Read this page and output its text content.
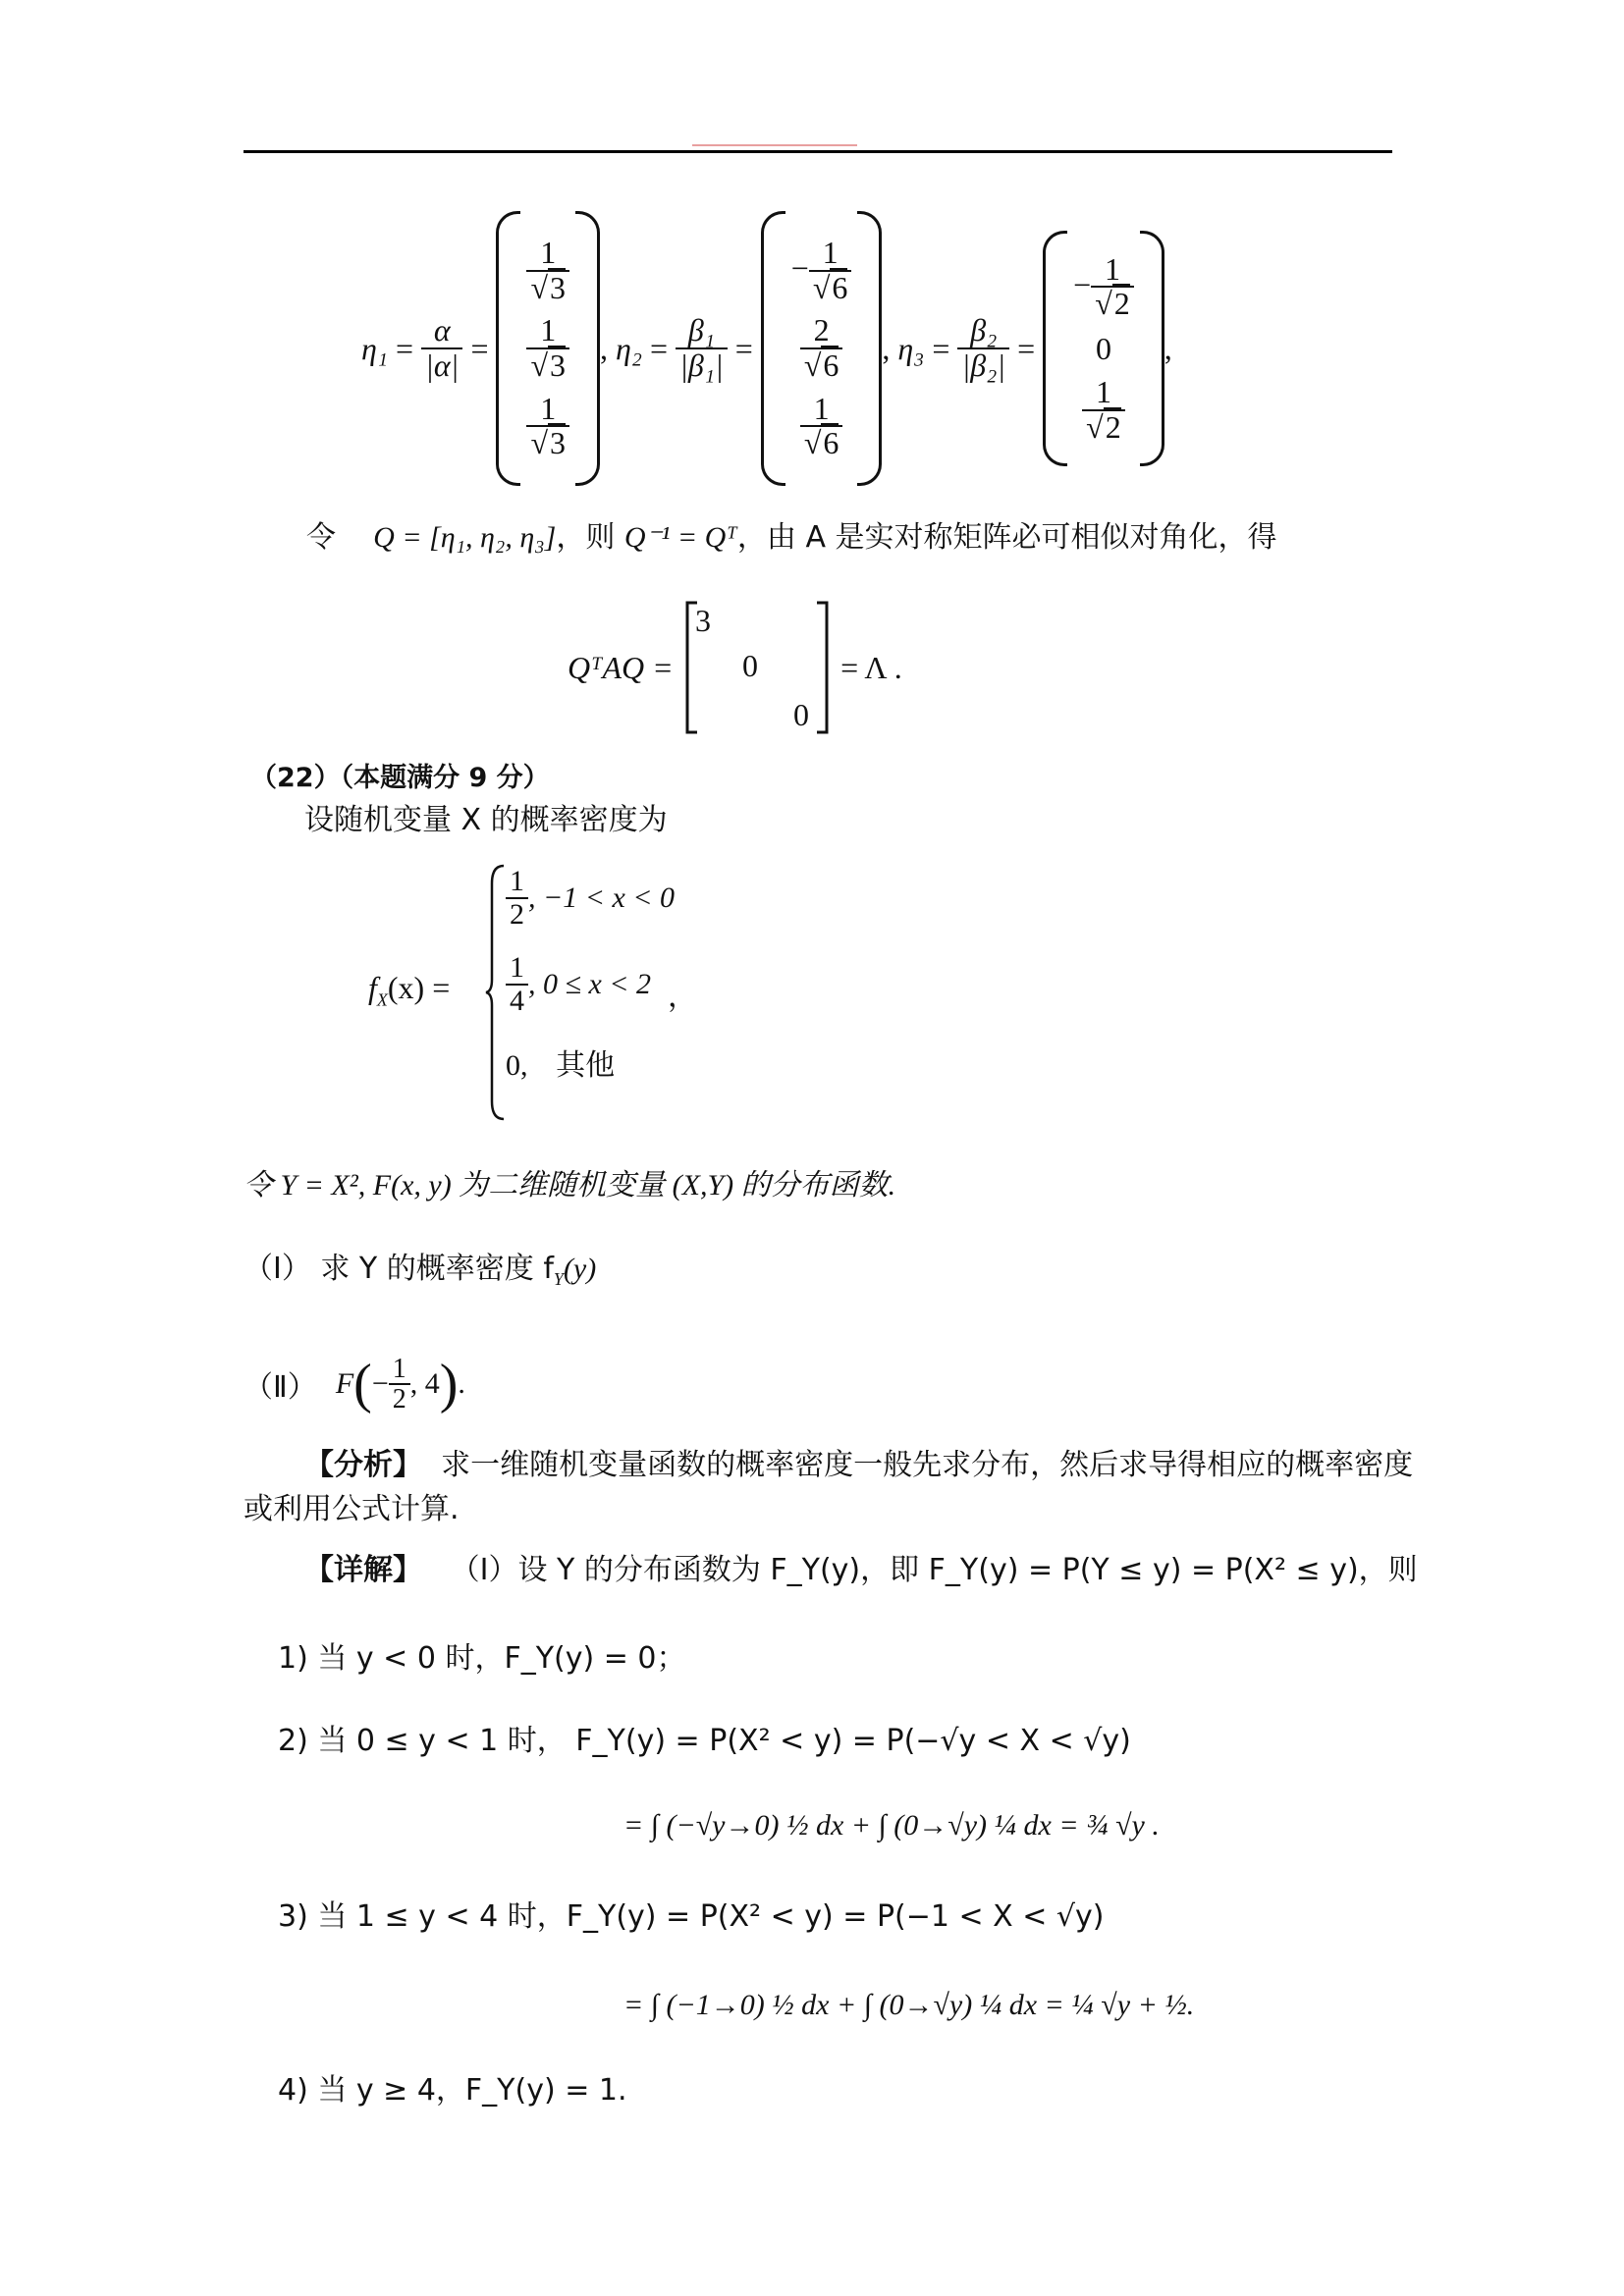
$\eta_1 = \frac{\alpha}{|\alpha|}$ =
$\frac{1}{√3}$
$\frac{1}{√3}$
$\frac{1}{√3}$
, $\eta_2 = \frac{\text{β₁}}{\text{|β₁|}}$ =
− $\frac{1}{√6}$
$\frac{2}{√6}$
$\frac{1}{√6}$
, $\eta_3 = \frac{\text{β₂}}{\text{|β₂|}}$ =
− $\frac{1}{√2}$
0
$\frac{1}{√2}$
,
令 Q = [η₁, η₂, η₃]，则 Q⁻¹ = Qᵀ，由 A 是实对称矩阵必可相似对角化，得
QᵀAQ =

3
0
0

= Λ .
（22）（本题满分 9 分）
设随机变量 X 的概率密度为
$f_X(x)$ =
$\frac{1}{2}$ , −1 < x < 0
$\frac{1}{4}$ , 0 ≤ x < 2
0, 其他
，
令 Y = X², F(x, y) 为二维随机变量 (X,Y) 的分布函数.
（Ⅰ） 求 Y 的概率密度 $f_Y(y)$
（Ⅱ）
F ( − $\frac{1}{2}$ , 4 ) .
【分析】 求一维随机变量函数的概率密度一般先求分布，然后求导得相应的概率密度
或利用公式计算.
【详解】 （Ⅰ）设 Y 的分布函数为 F_Y(y)，即 F_Y(y) = P(Y ≤ y) = P(X² ≤ y)，则
1) 当 y < 0 时，F_Y(y) = 0；
2) 当 0 ≤ y < 1 时， F_Y(y) = P(X² < y) = P(−√y < X < √y)
= ∫ (−√y→0) ½ dx + ∫ (0→√y) ¼ dx = ¾ √y .
3) 当 1 ≤ y < 4 时，F_Y(y) = P(X² < y) = P(−1 < X < √y)
= ∫ (−1→0) ½ dx + ∫ (0→√y) ¼ dx = ¼ √y + ½.
4) 当 y ≥ 4，F_Y(y) = 1.
